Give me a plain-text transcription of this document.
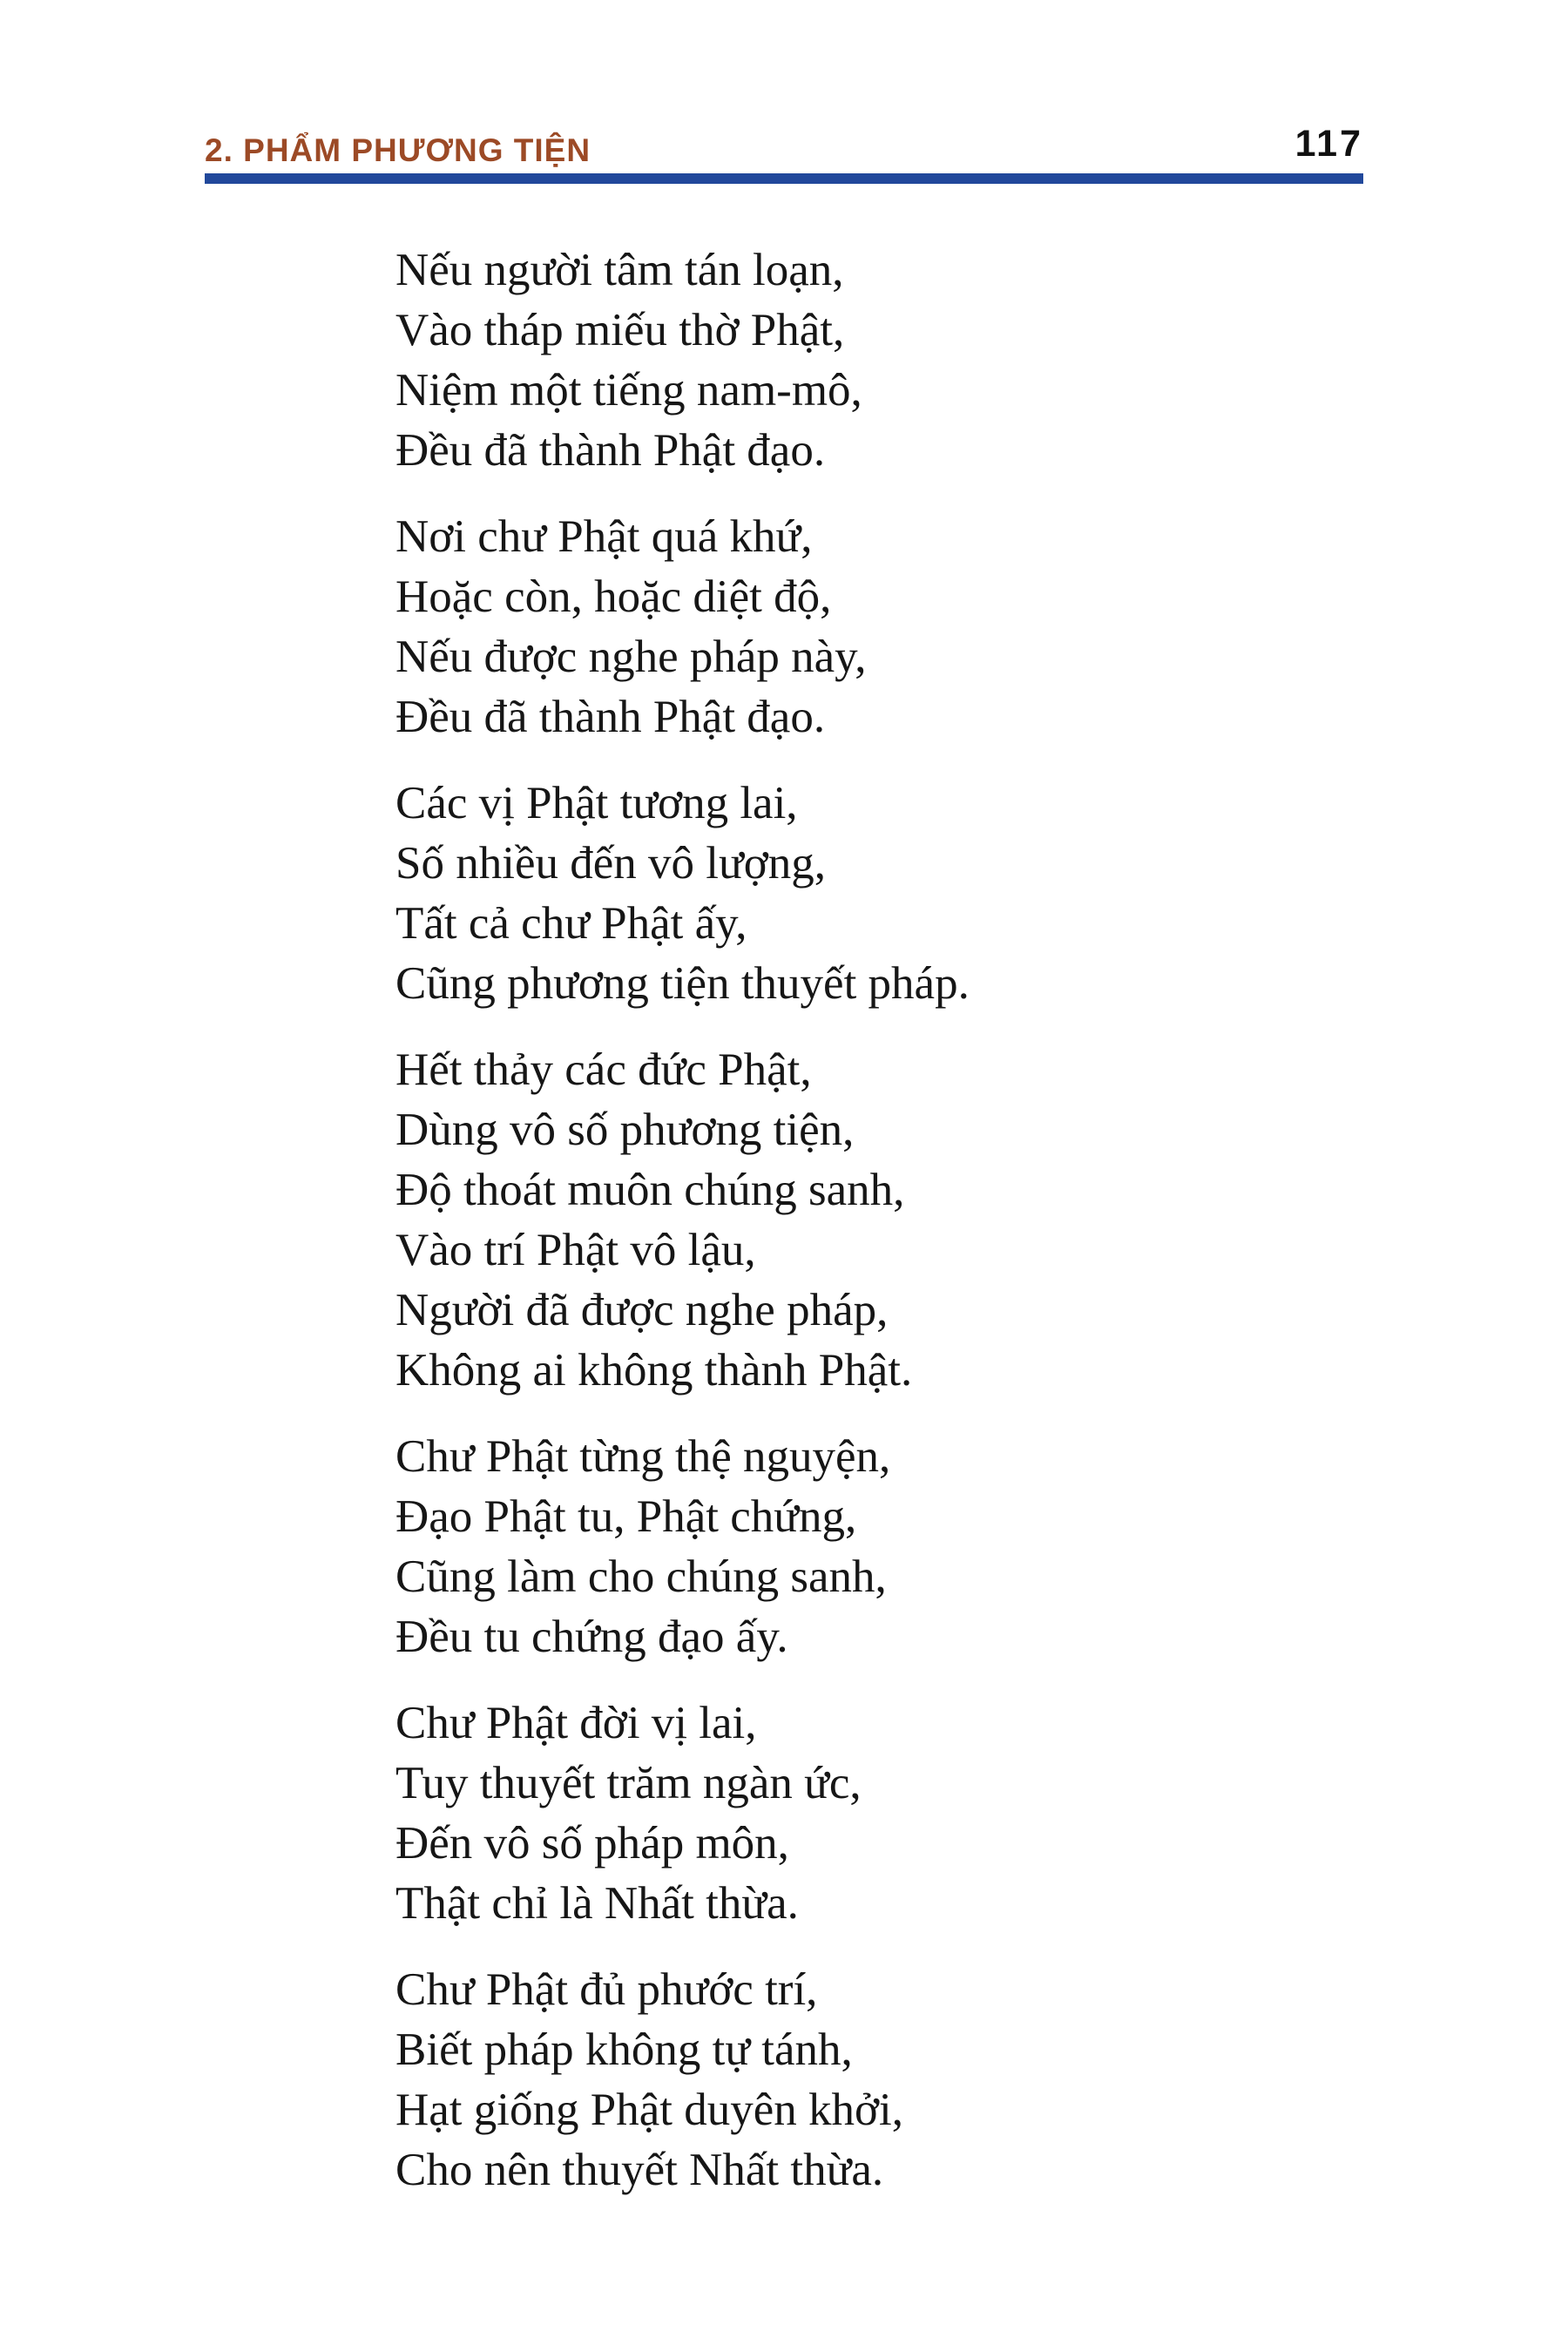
2. PHẨM PHƯƠNG TIỆN	117
Nếu người tâm tán loạn,
Vào tháp miếu thờ Phật,
Niệm một tiếng nam-mô,
Đều đã thành Phật đạo.
Nơi chư Phật quá khứ,
Hoặc còn, hoặc diệt độ,
Nếu được nghe pháp này,
Đều đã thành Phật đạo.
Các vị Phật tương lai,
Số nhiều đến vô lượng,
Tất cả chư Phật ấy,
Cũng phương tiện thuyết pháp.
Hết thảy các đức Phật,
Dùng vô số phương tiện,
Độ thoát muôn chúng sanh,
Vào trí Phật vô lậu,
Người đã được nghe pháp,
Không ai không thành Phật.
Chư Phật từng thệ nguyện,
Đạo Phật tu, Phật chứng,
Cũng làm cho chúng sanh,
Đều tu chứng đạo ấy.
Chư Phật đời vị lai,
Tuy thuyết trăm ngàn ức,
Đến vô số pháp môn,
Thật chỉ là Nhất thừa.
Chư Phật đủ phước trí,
Biết pháp không tự tánh,
Hạt giống Phật duyên khởi,
Cho nên thuyết Nhất thừa.
